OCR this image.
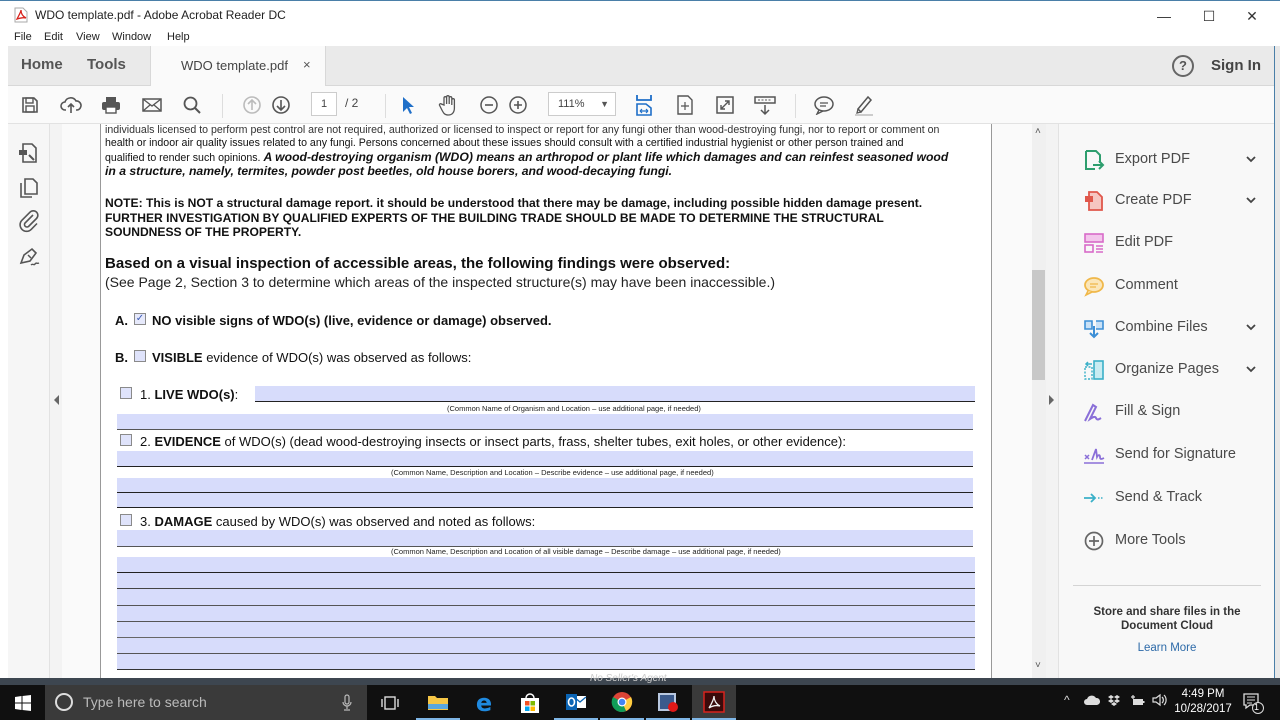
WDO template.pdf - Adobe Acrobat Reader DC	— ☐ ✕
File Edit View Window Help
Home Tools	WDO template.pdf ×	?	Sign In
1	/ 2	111% ▼
individuals licensed to perform pest control are not required, authorized or licensed to inspect or report for any fungi other than wood-destroying fungi, nor to report or comment on
health or indoor air quality issues related to any fungi. Persons concerned about these issues should consult with a certified industrial hygienist or other person trained and
qualified to render such opinions. A wood-destroying organism (WDO) means an arthropod or plant life which damages and can reinfest seasoned wood
in a structure, namely, termites, powder post beetles, old house borers, and wood-decaying fungi.
NOTE: This is NOT a structural damage report. it should be understood that there may be damage, including possible hidden damage present.
FURTHER INVESTIGATION BY QUALIFIED EXPERTS OF THE BUILDING TRADE SHOULD BE MADE TO DETERMINE THE STRUCTURAL
SOUNDNESS OF THE PROPERTY.
Based on a visual inspection of accessible areas, the following findings were observed:
(See Page 2, Section 3 to determine which areas of the inspected structure(s) may have been inaccessible.)
A. ✓ NO visible signs of WDO(s) (live, evidence or damage) observed.
B. VISIBLE evidence of WDO(s) was observed as follows:
1. LIVE WDO(s):
(Common Name of Organism and Location – use additional page, if needed)
2. EVIDENCE of WDO(s) (dead wood-destroying insects or insect parts, frass, shelter tubes, exit holes, or other evidence):
(Common Name, Description and Location – Describe evidence – use additional page, if needed)
3. DAMAGE caused by WDO(s) was observed and noted as follows:
(Common Name, Description and Location of all visible damage – Describe damage – use additional page, if needed)
˄
˅
Export PDF
Create PDF
Edit PDF
Comment
Combine Files
Organize Pages
Fill & Sign
Send for Signature
Send & Track
More Tools
Store and share files in the Document Cloud
Learn More
No Seller's Agent
Type here to search	e	^	4:49 PM
10/28/2017	1
